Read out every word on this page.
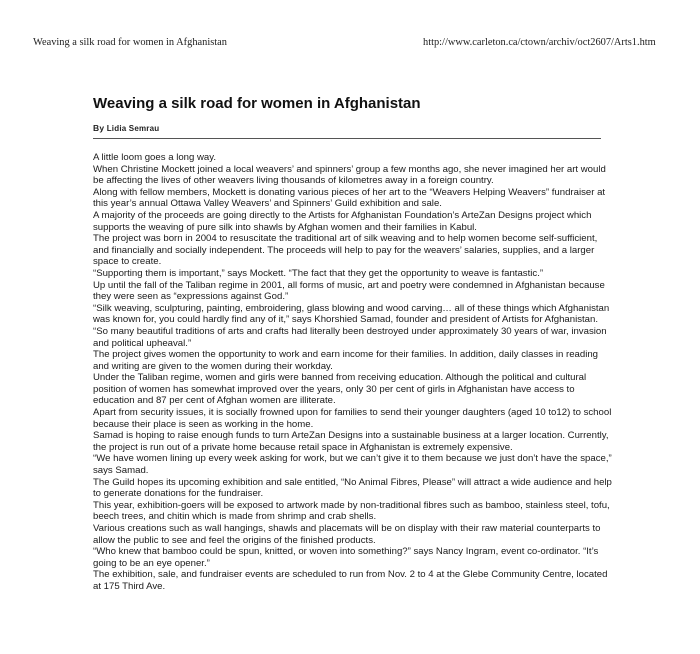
Weaving a silk road for women in Afghanistan	http://www.carleton.ca/ctown/archiv/oct2607/Arts1.htm
Weaving a silk road for women in Afghanistan
By Lidia Semrau

A little loom goes a long way.

When Christine Mockett joined a local weavers’ and spinners’ group a few months ago, she never imagined her art would be affecting the lives of other weavers living thousands of kilometres away in a foreign country.

Along with fellow members, Mockett is donating various pieces of her art to the “Weavers Helping Weavers” fundraiser at this year’s annual Ottawa Valley Weavers’ and Spinners’ Guild exhibition and sale.

A majority of the proceeds are going directly to the Artists for Afghanistan Foundation’s ArteZan Designs project which supports the weaving of pure silk into shawls by Afghan women and their families in Kabul.

The project was born in 2004 to resuscitate the traditional art of silk weaving and to help women become self-sufficient, and financially and socially independent. The proceeds will help to pay for the weavers’ salaries, supplies, and a larger space to create.

“Supporting them is important,” says Mockett. “The fact that they get the opportunity to weave is fantastic.”

Up until the fall of the Taliban regime in 2001, all forms of music, art and poetry were condemned in Afghanistan because they were seen as “expressions against God.”

“Silk weaving, sculpturing, painting, embroidering, glass blowing and wood carving… all of these things which Afghanistan was known for, you could hardly find any of it,” says Khorshied Samad, founder and president of Artists for Afghanistan. “So many beautiful traditions of arts and crafts had literally been destroyed under approximately 30 years of war, invasion and political upheaval.”

The project gives women the opportunity to work and earn income for their families. In addition, daily classes in reading and writing are given to the women during their workday.

Under the Taliban regime, women and girls were banned from receiving education. Although the political and cultural position of women has somewhat improved over the years, only 30 per cent of girls in Afghanistan have access to education and 87 per cent of Afghan women are illiterate.

Apart from security issues, it is socially frowned upon for families to send their younger daughters (aged 10 to12) to school because their place is seen as working in the home.

Samad is hoping to raise enough funds to turn ArteZan Designs into a sustainable business at a larger location. Currently, the project is run out of a private home because retail space in Afghanistan is extremely expensive.

“We have women lining up every week asking for work, but we can’t give it to them because we just don’t have the space,” says Samad.

The Guild hopes its upcoming exhibition and sale entitled, “No Animal Fibres, Please” will attract a wide audience and help to generate donations for the fundraiser.

This year, exhibition-goers will be exposed to artwork made by non-traditional fibres such as bamboo, stainless steel, tofu, beech trees, and chitin which is made from shrimp and crab shells.

Various creations such as wall hangings, shawls and placemats will be on display with their raw material counterparts to allow the public to see and feel the origins of the finished products.

“Who knew that bamboo could be spun, knitted, or woven into something?” says Nancy Ingram, event co-ordinator. “It’s going to be an eye opener.”

The exhibition, sale, and fundraiser events are scheduled to run from Nov. 2 to 4 at the Glebe Community Centre, located at 175 Third Ave.
